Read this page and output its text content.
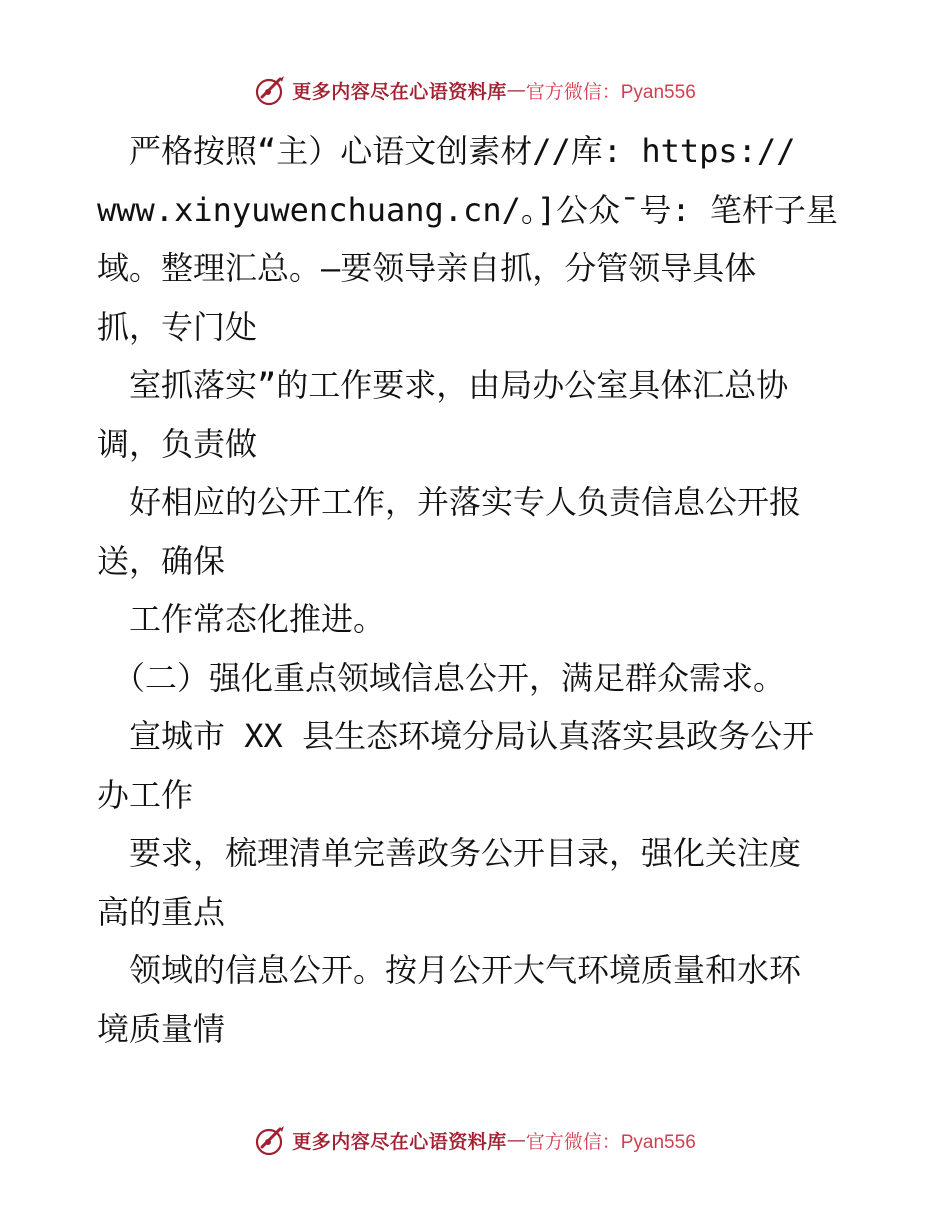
更多内容尽在心语资料库 — 官方微信：Pyan556
　严格按照“主）心语文创素材//库: https://
www.xinyuwenchuang.cn/。]公众¯号: 笔杆子星
域。整理汇总。—要领导亲自抓，分管领导具体
抓，专门处
　室抓落实”的工作要求，由局办公室具体汇总协
调，负责做
　好相应的公开工作，并落实专人负责信息公开报
送，确保
　工作常态化推进。
　（二）强化重点领域信息公开，满足群众需求。
　宣城市 XX 县生态环境分局认真落实县政务公开
办工作
　要求，梳理清单完善政务公开目录，强化关注度
高的重点
　领域的信息公开。按月公开大气环境质量和水环
境质量情
更多内容尽在心语资料库 — 官方微信：Pyan556
